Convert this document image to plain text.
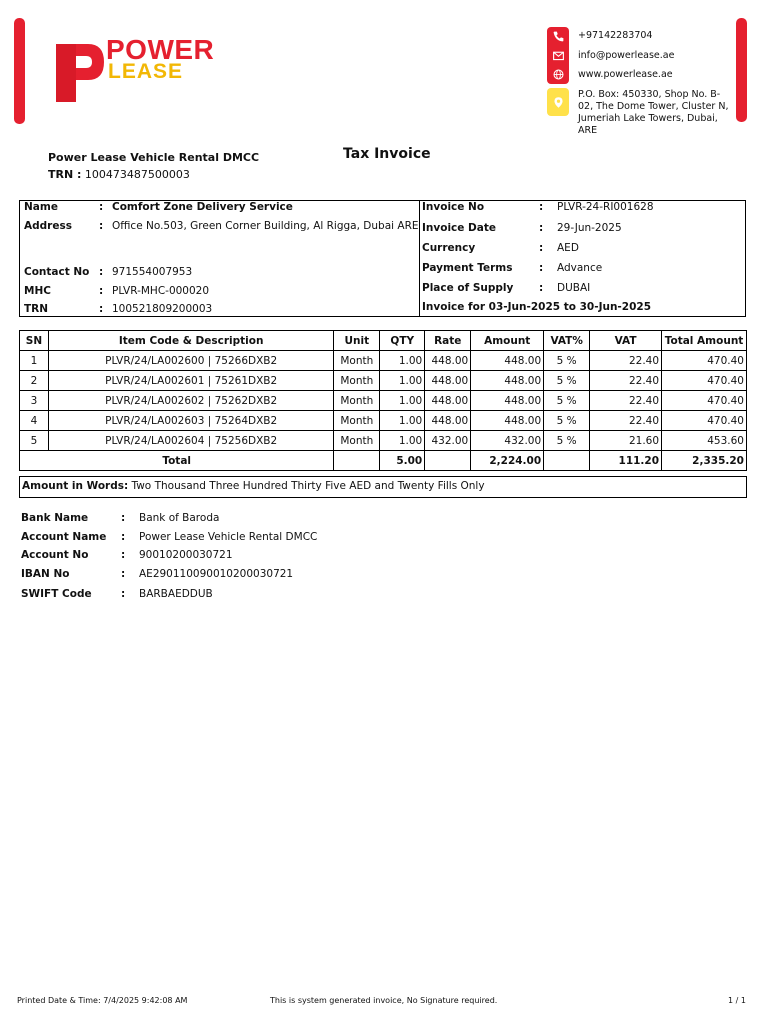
POWER
LEASE
+97142283704
info@powerlease.ae
www.powerlease.ae
P.O. Box: 450330, Shop No. B-02, The Dome Tower, Cluster N, Jumeriah Lake Towers, Dubai, ARE
Power Lease Vehicle Rental DMCC
TRN : 100473487500003
Tax Invoice
Name	: Comfort Zone Delivery Service
Address	: Office No.503, Green Corner Building, Al Rigga, Dubai ARE
Contact No : 971554007953
MHC	: PLVR-MHC-000020
TRN	: 100521809200003
Invoice No	: PLVR-24-RI001628
Invoice Date	: 29-Jun-2025
Currency	: AED
Payment Terms	: Advance
Place of Supply : DUBAI
Invoice for 03-Jun-2025 to 30-Jun-2025
SN	Item Code & Description	Unit	QTY	Rate	Amount	VAT%	VAT	Total Amount
1	PLVR/24/LA002600 | 75266DXB2	Month	1.00	448.00	448.00	5 %	22.40	470.40
2	PLVR/24/LA002601 | 75261DXB2	Month	1.00	448.00	448.00	5 %	22.40	470.40
3	PLVR/24/LA002602 | 75262DXB2	Month	1.00	448.00	448.00	5 %	22.40	470.40
4	PLVR/24/LA002603 | 75264DXB2	Month	1.00	448.00	448.00	5 %	22.40	470.40
5	PLVR/24/LA002604 | 75256DXB2	Month	1.00	432.00	432.00	5 %	21.60	453.60
Total			5.00		2,224.00		111.20	2,335.20
Amount in Words: Two Thousand Three Hundred Thirty Five AED and Twenty Fills Only
Bank Name	: Bank of Baroda
Account Name : Power Lease Vehicle Rental DMCC
Account No	: 90010200030721
IBAN No	: AE290110090010200030721
SWIFT Code	: BARBAEDDUB
Printed Date & Time: 7/4/2025 9:42:08 AM	This is system generated invoice, No Signature required.	1 / 1
